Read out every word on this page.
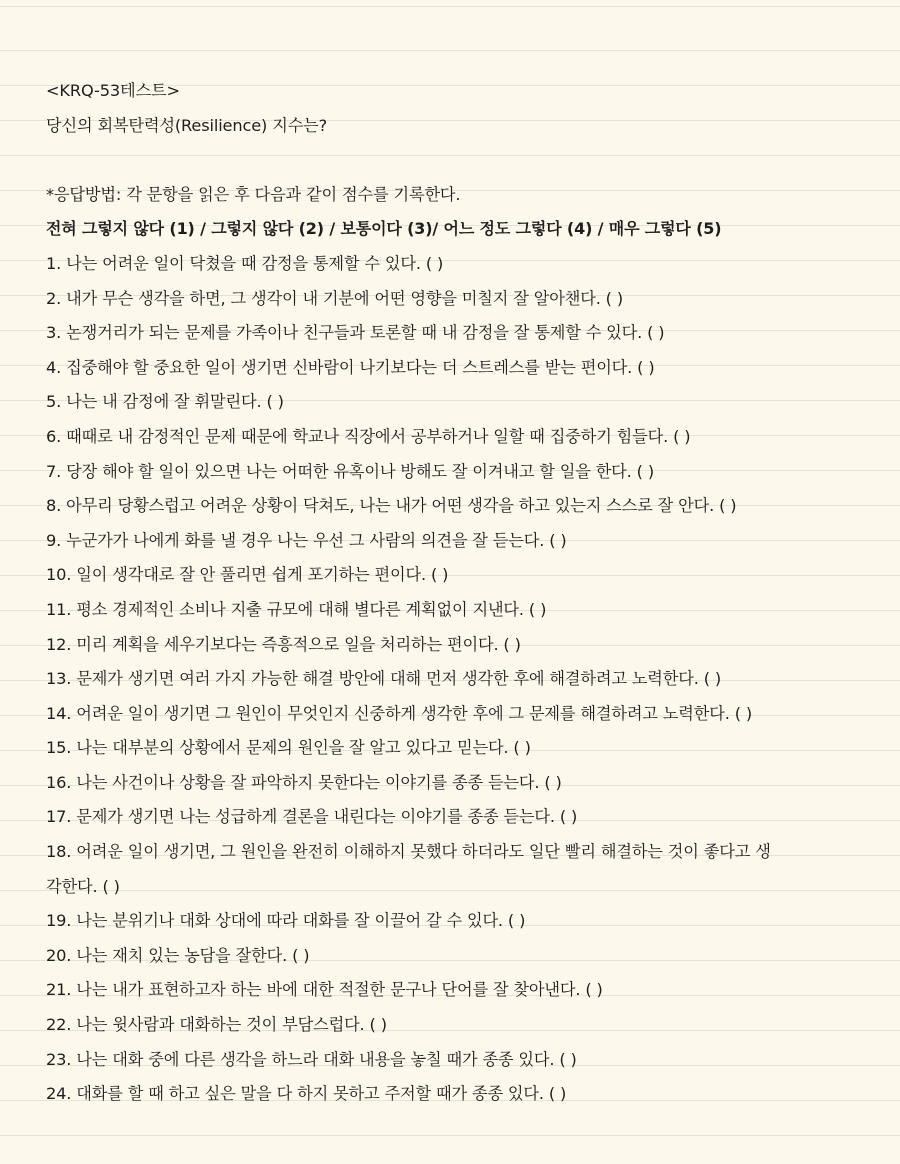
<KRQ-53테스트>
당신의 회복탄력성(Resilience) 지수는?
*응답방법: 각 문항을 읽은 후 다음과 같이 점수를 기록한다.
전혀 그렇지 않다 (1) / 그렇지 않다 (2) / 보통이다 (3)/ 어느 정도 그렇다 (4) / 매우 그렇다 (5)
1. 나는 어려운 일이 닥쳤을 때 감정을 통제할 수 있다. ( )
2. 내가 무슨 생각을 하면, 그 생각이 내 기분에 어떤 영향을 미칠지 잘 알아챈다. ( )
3. 논쟁거리가 되는 문제를 가족이나 친구들과 토론할 때 내 감정을 잘 통제할 수 있다. ( )
4. 집중해야 할 중요한 일이 생기면 신바람이 나기보다는 더 스트레스를 받는 편이다. ( )
5. 나는 내 감정에 잘 휘말린다. ( )
6. 때때로 내 감정적인 문제 때문에 학교나 직장에서 공부하거나 일할 때 집중하기 힘들다. ( )
7. 당장 해야 할 일이 있으면 나는 어떠한 유혹이나 방해도 잘 이겨내고 할 일을 한다. ( )
8. 아무리 당황스럽고 어려운 상황이 닥쳐도, 나는 내가 어떤 생각을 하고 있는지 스스로 잘 안다. ( )
9. 누군가가 나에게 화를 낼 경우 나는 우선 그 사람의 의견을 잘 듣는다. ( )
10. 일이 생각대로 잘 안 풀리면 쉽게 포기하는 편이다. ( )
11. 평소 경제적인 소비나 지출 규모에 대해 별다른 계획없이 지낸다. ( )
12. 미리 계획을 세우기보다는 즉흥적으로 일을 처리하는 편이다. ( )
13. 문제가 생기면 여러 가지 가능한 해결 방안에 대해 먼저 생각한 후에 해결하려고 노력한다. ( )
14. 어려운 일이 생기면 그 원인이 무엇인지 신중하게 생각한 후에 그 문제를 해결하려고 노력한다. ( )
15. 나는 대부분의 상황에서 문제의 원인을 잘 알고 있다고 믿는다. ( )
16. 나는 사건이나 상황을 잘 파악하지 못한다는 이야기를 종종 듣는다. ( )
17. 문제가 생기면 나는 성급하게 결론을 내린다는 이야기를 종종 듣는다. ( )
18. 어려운 일이 생기면, 그 원인을 완전히 이해하지 못했다 하더라도 일단 빨리 해결하는 것이 좋다고 생
각한다. ( )
19. 나는 분위기나 대화 상대에 따라 대화를 잘 이끌어 갈 수 있다. ( )
20. 나는 재치 있는 농담을 잘한다. ( )
21. 나는 내가 표현하고자 하는 바에 대한 적절한 문구나 단어를 잘 찾아낸다. ( )
22. 나는 윗사람과 대화하는 것이 부담스럽다. ( )
23. 나는 대화 중에 다른 생각을 하느라 대화 내용을 놓칠 때가 종종 있다. ( )
24. 대화를 할 때 하고 싶은 말을 다 하지 못하고 주저할 때가 종종 있다. ( )
